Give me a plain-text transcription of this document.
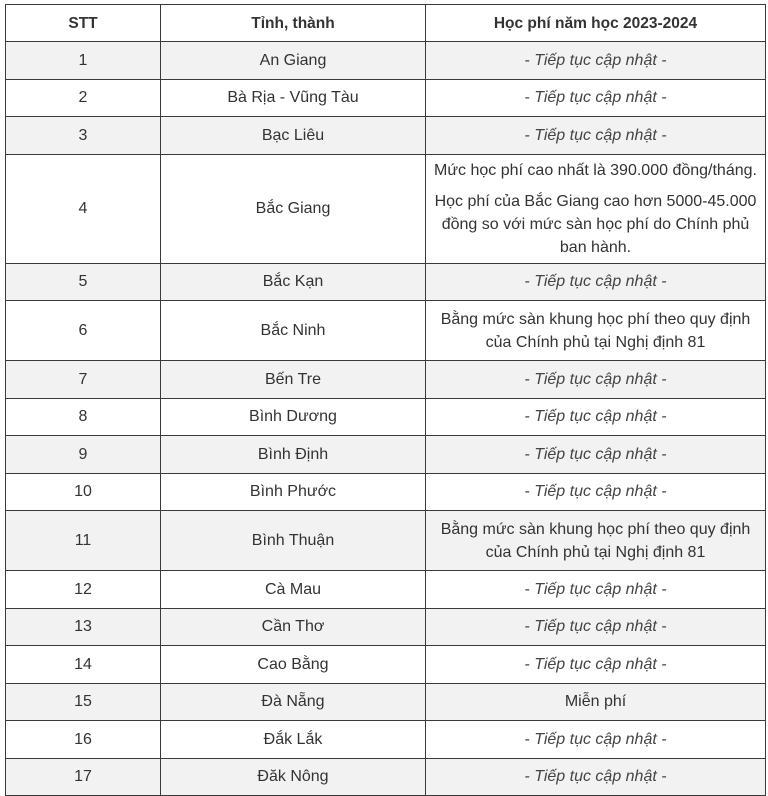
STT	Tỉnh, thành	Học phí năm học 2023-2024
1	An Giang	- Tiếp tục cập nhật -
2	Bà Rịa - Vũng Tàu	- Tiếp tục cập nhật -
3	Bạc Liêu	- Tiếp tục cập nhật -
4	Bắc Giang	Mức học phí cao nhất là 390.000 đồng/tháng.

Học phí của Bắc Giang cao hơn 5000-45.000 đồng so với mức sàn học phí do Chính phủ ban hành.

5	Bắc Kạn	- Tiếp tục cập nhật -
6	Bắc Ninh	Bằng mức sàn khung học phí theo quy định của Chính phủ tại Nghị định 81
7	Bến Tre	- Tiếp tục cập nhật -
8	Bình Dương	- Tiếp tục cập nhật -
9	Bình Định	- Tiếp tục cập nhật -
10	Bình Phước	- Tiếp tục cập nhật -
11	Bình Thuận	Bằng mức sàn khung học phí theo quy định của Chính phủ tại Nghị định 81
12	Cà Mau	- Tiếp tục cập nhật -
13	Cần Thơ	- Tiếp tục cập nhật -
14	Cao Bằng	- Tiếp tục cập nhật -
15	Đà Nẵng	Miễn phí
16	Đắk Lắk	- Tiếp tục cập nhật -
17	Đăk Nông	- Tiếp tục cập nhật -
